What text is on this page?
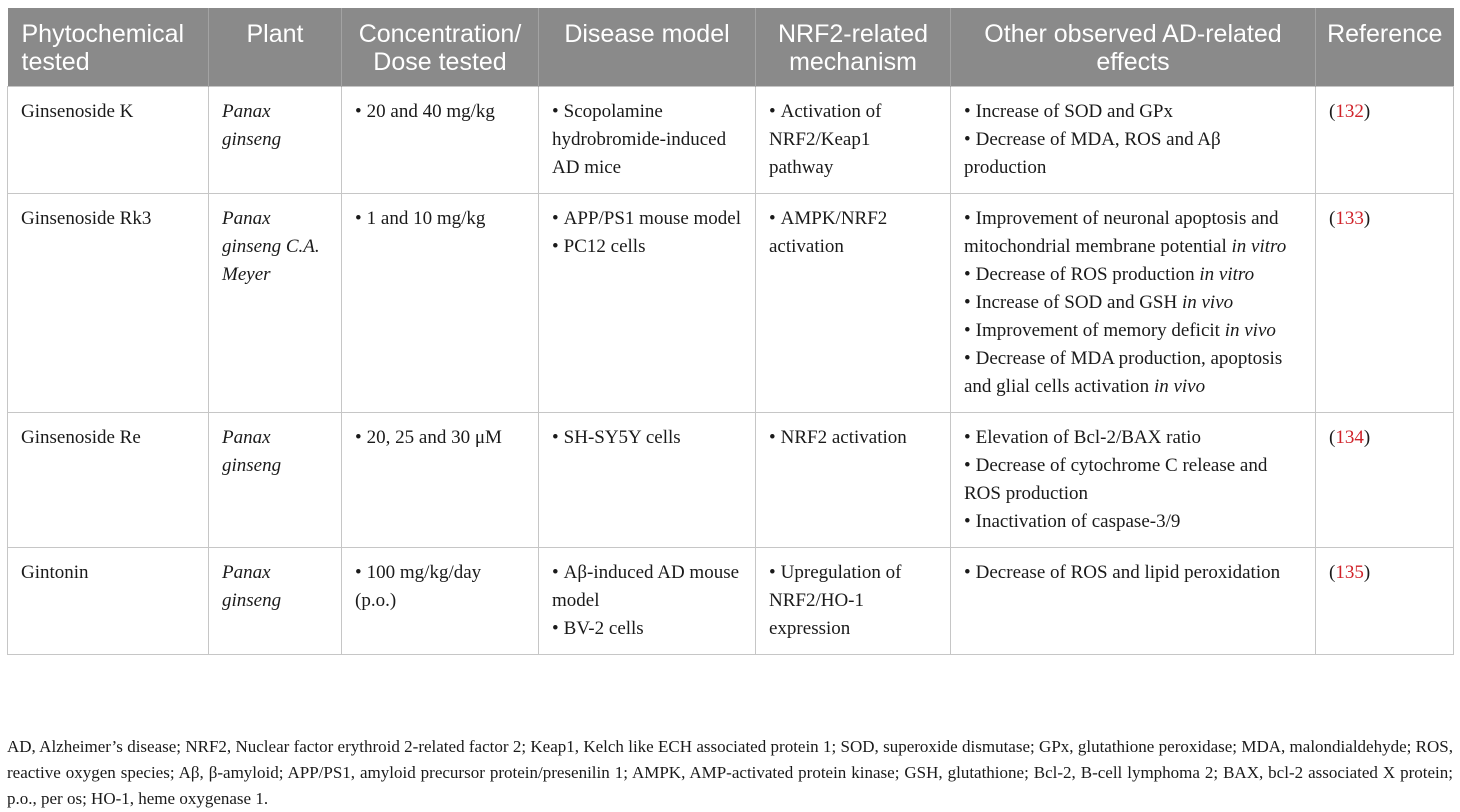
Phytochemical tested	Plant	Concentration/ Dose tested	Disease model	NRF2-related mechanism	Other observed AD-related effects	Reference
Ginsenoside K	Panax ginseng	• 20 and 40 mg/kg	• Scopolamine hydrobromide-induced AD mice	• Activation of NRF2/Keap1 pathway	• Increase of SOD and GPx
• Decrease of MDA, ROS and Aβ production	(132)
Ginsenoside Rk3	Panax ginseng C.A. Meyer	• 1 and 10 mg/kg	• APP/PS1 mouse model
• PC12 cells	• AMPK/NRF2 activation	• Improvement of neuronal apoptosis and mitochondrial membrane potential in vitro
• Decrease of ROS production in vitro
• Increase of SOD and GSH in vivo
• Improvement of memory deficit in vivo
• Decrease of MDA production, apoptosis and glial cells activation in vivo	(133)
Ginsenoside Re	Panax ginseng	• 20, 25 and 30 μM	• SH-SY5Y cells	• NRF2 activation	• Elevation of Bcl-2/BAX ratio
• Decrease of cytochrome C release and ROS production
• Inactivation of caspase-3/9	(134)
Gintonin	Panax ginseng	• 100 mg/kg/day (p.o.)	• Aβ-induced AD mouse model
• BV-2 cells	• Upregulation of NRF2/HO-1 expression	• Decrease of ROS and lipid peroxidation	(135)
AD, Alzheimer’s disease; NRF2, Nuclear factor erythroid 2-related factor 2; Keap1, Kelch like ECH associated protein 1; SOD, superoxide dismutase; GPx, glutathione peroxidase; MDA, malondialdehyde; ROS, reactive oxygen species; Aβ, β-amyloid; APP/PS1, amyloid precursor protein/presenilin 1; AMPK, AMP-activated protein kinase; GSH, glutathione; Bcl-2, B-cell lymphoma 2; BAX, bcl-2 associated X protein; p.o., per os; HO-1, heme oxygenase 1.
